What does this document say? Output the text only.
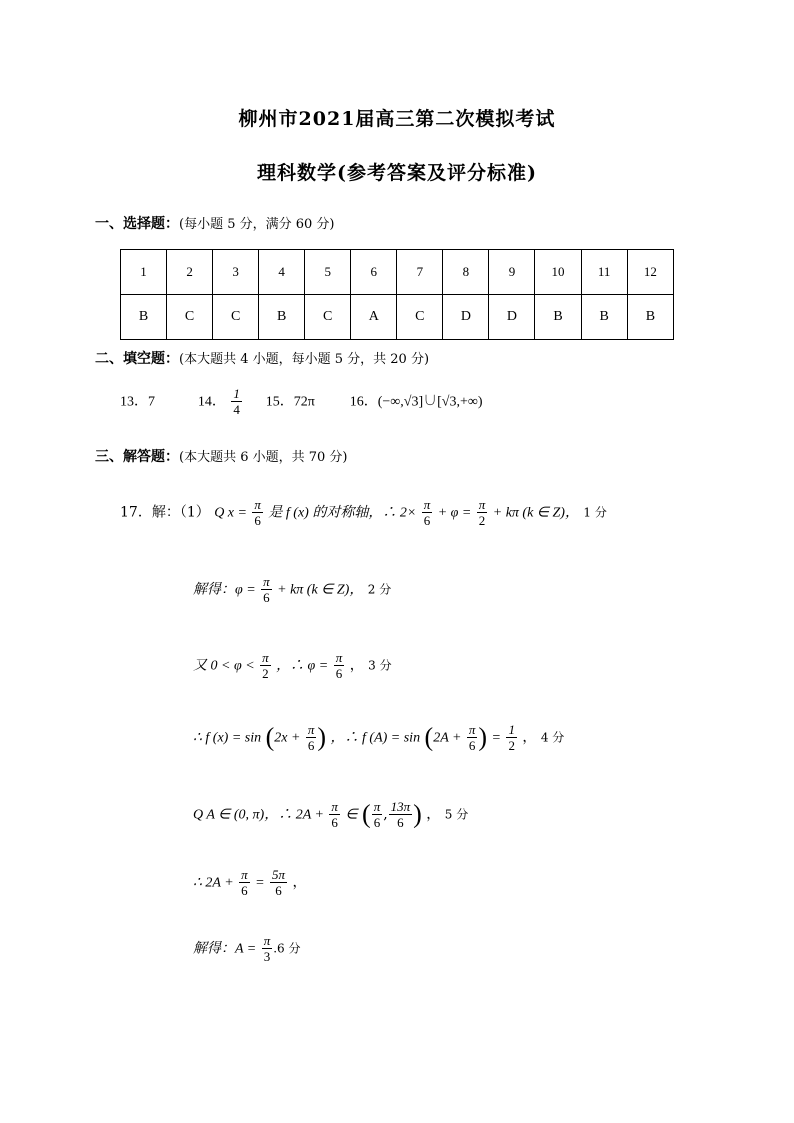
柳州市2021届高三第二次模拟考试
理科数学(参考答案及评分标准)
一、选择题：(每小题 5 分，满分 60 分)
1	2	3	4	5	6	7	8	9	10	11	12
B	C	C	B	C	A	C	D	D	B	B	B
二、填空题：(本大题共 4 小题，每小题 5 分，共 20 分)
13．7	14． $\frac{1}{4} 15$．72π 16．(−∞,√3]∪[√3,+∞)
三、解答题：(本大题共 6 小题，共 70 分)
17．解：（1） Q $x = \frac{\pi}{6}$ 是 f (x) 的对称轴，∴ $2\times \frac{\pi}{6} + \varphi = \frac{\pi}{2} + k\pi$ (k ∈ Z)， 1 分
解得：$\varphi = \frac{\pi}{6} + k\pi$ (k ∈ Z)， 2 分
又 $0 < \varphi < \frac{\pi}{2}$ ，∴ $\varphi = \frac{\pi}{6}$ ， 3 分
∴ f $(x) = \sin (2x + \frac{\pi}{6}$ ) ，∴ f $(A) = \sin (2A + \frac{\pi}{6}$ ) = $\frac{1}{2}$ ， 4 分
Q A ∈ (0, π)，∴ $2A + \frac{\pi}{6}$ ∈ ( $\frac{\pi}{6}$ , $\frac{13\pi}{6}$ ) ， 5 分
∴ $2A + \frac{\pi}{6} = \frac{5\pi}{6}$ ，
解得：$A = \frac{\pi}{3} .6$ 分
